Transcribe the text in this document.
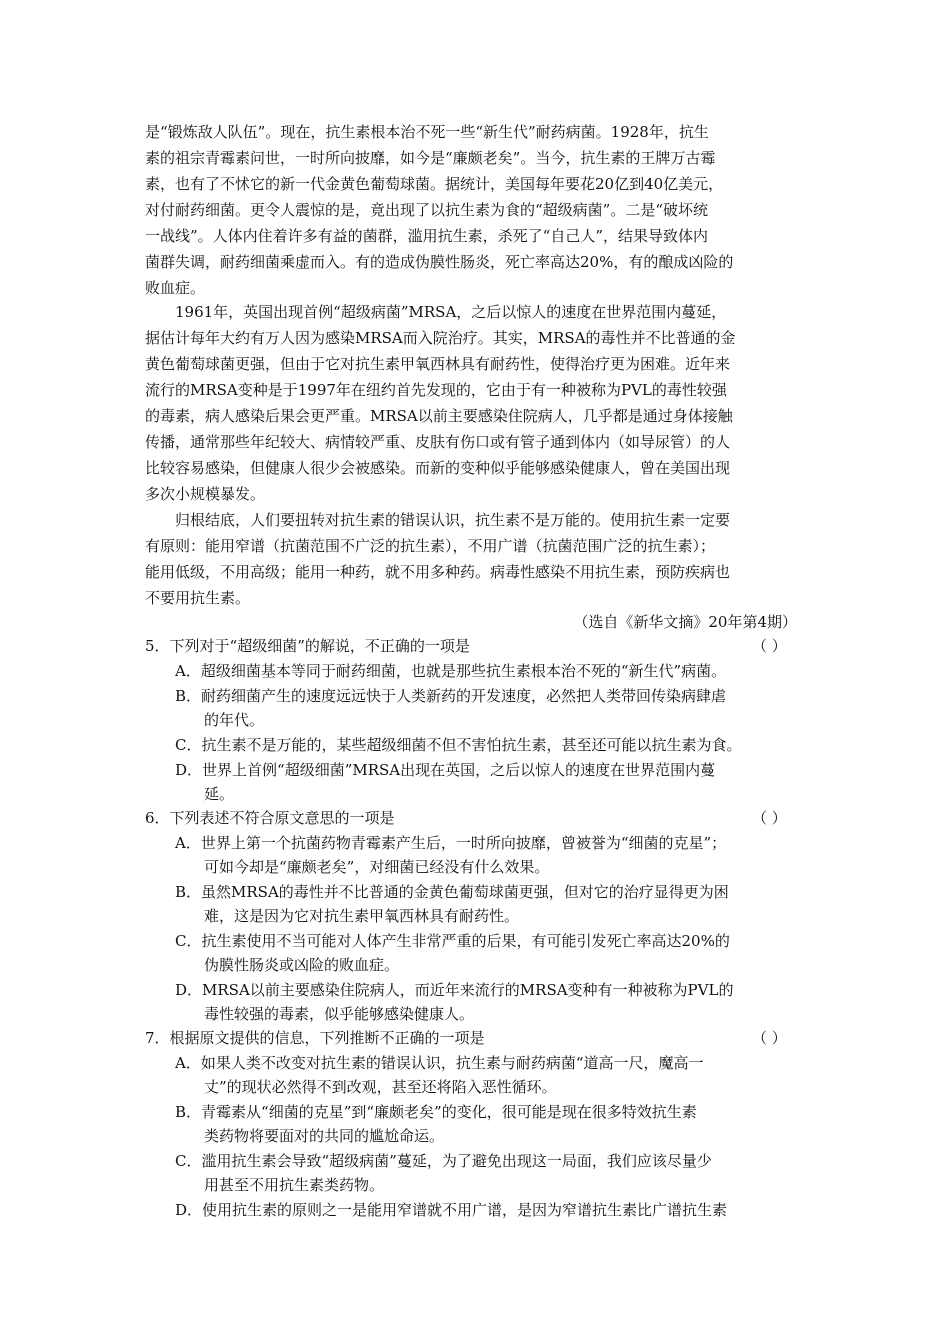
是“锻炼敌人队伍”。现在，抗生素根本治不死一些“新生代”耐药病菌。1928年，抗生
素的祖宗青霉素问世，一时所向披靡，如今是“廉颇老矣”。当今，抗生素的王牌万古霉
素，也有了不怵它的新一代金黄色葡萄球菌。据统计，美国每年要花20亿到40亿美元，
对付耐药细菌。更令人震惊的是，竟出现了以抗生素为食的“超级病菌”。二是“破坏统
一战线”。人体内住着许多有益的菌群，滥用抗生素，杀死了“自己人”，结果导致体内
菌群失调，耐药细菌乘虚而入。有的造成伪膜性肠炎，死亡率高达20%，有的酿成凶险的
败血症。
1961年，英国出现首例“超级病菌”MRSA，之后以惊人的速度在世界范围内蔓延，
据估计每年大约有万人因为感染MRSA而入院治疗。其实，MRSA的毒性并不比普通的金
黄色葡萄球菌更强，但由于它对抗生素甲氧西林具有耐药性，使得治疗更为困难。近年来
流行的MRSA变种是于1997年在纽约首先发现的，它由于有一种被称为PVL的毒性较强
的毒素，病人感染后果会更严重。MRSA以前主要感染住院病人，几乎都是通过身体接触
传播，通常那些年纪较大、病情较严重、皮肤有伤口或有管子通到体内（如导尿管）的人
比较容易感染，但健康人很少会被感染。而新的变种似乎能够感染健康人，曾在美国出现
多次小规模暴发。
归根结底，人们要扭转对抗生素的错误认识，抗生素不是万能的。使用抗生素一定要
有原则：能用窄谱（抗菌范围不广泛的抗生素），不用广谱（抗菌范围广泛的抗生素）；
能用低级，不用高级；能用一种药，就不用多种药。病毒性感染不用抗生素，预防疾病也
不要用抗生素。
（选自《新华文摘》20年第4期）
5．下列对于“超级细菌”的解说，不正确的一项是	（ ）
A．超级细菌基本等同于耐药细菌，也就是那些抗生素根本治不死的“新生代”病菌。
B．耐药细菌产生的速度远远快于人类新药的开发速度，必然把人类带回传染病肆虐
的年代。
C．抗生素不是万能的，某些超级细菌不但不害怕抗生素，甚至还可能以抗生素为食。
D．世界上首例“超级细菌”MRSA出现在英国，之后以惊人的速度在世界范围内蔓
延。
6．下列表述不符合原文意思的一项是	（ ）
A．世界上第一个抗菌药物青霉素产生后，一时所向披靡，曾被誉为“细菌的克星”；
可如今却是“廉颇老矣”，对细菌已经没有什么效果。
B．虽然MRSA的毒性并不比普通的金黄色葡萄球菌更强，但对它的治疗显得更为困
难，这是因为它对抗生素甲氧西林具有耐药性。
C．抗生素使用不当可能对人体产生非常严重的后果，有可能引发死亡率高达20%的
伪膜性肠炎或凶险的败血症。
D．MRSA以前主要感染住院病人，而近年来流行的MRSA变种有一种被称为PVL的
毒性较强的毒素，似乎能够感染健康人。
7．根据原文提供的信息，下列推断不正确的一项是	（ ）
A．如果人类不改变对抗生素的错误认识，抗生素与耐药病菌“道高一尺，魔高一
丈”的现状必然得不到改观，甚至还将陷入恶性循环。
B．青霉素从“细菌的克星”到“廉颇老矣”的变化，很可能是现在很多特效抗生素
类药物将要面对的共同的尴尬命运。
C．滥用抗生素会导致“超级病菌”蔓延，为了避免出现这一局面，我们应该尽量少
用甚至不用抗生素类药物。
D．使用抗生素的原则之一是能用窄谱就不用广谱，是因为窄谱抗生素比广谱抗生素
